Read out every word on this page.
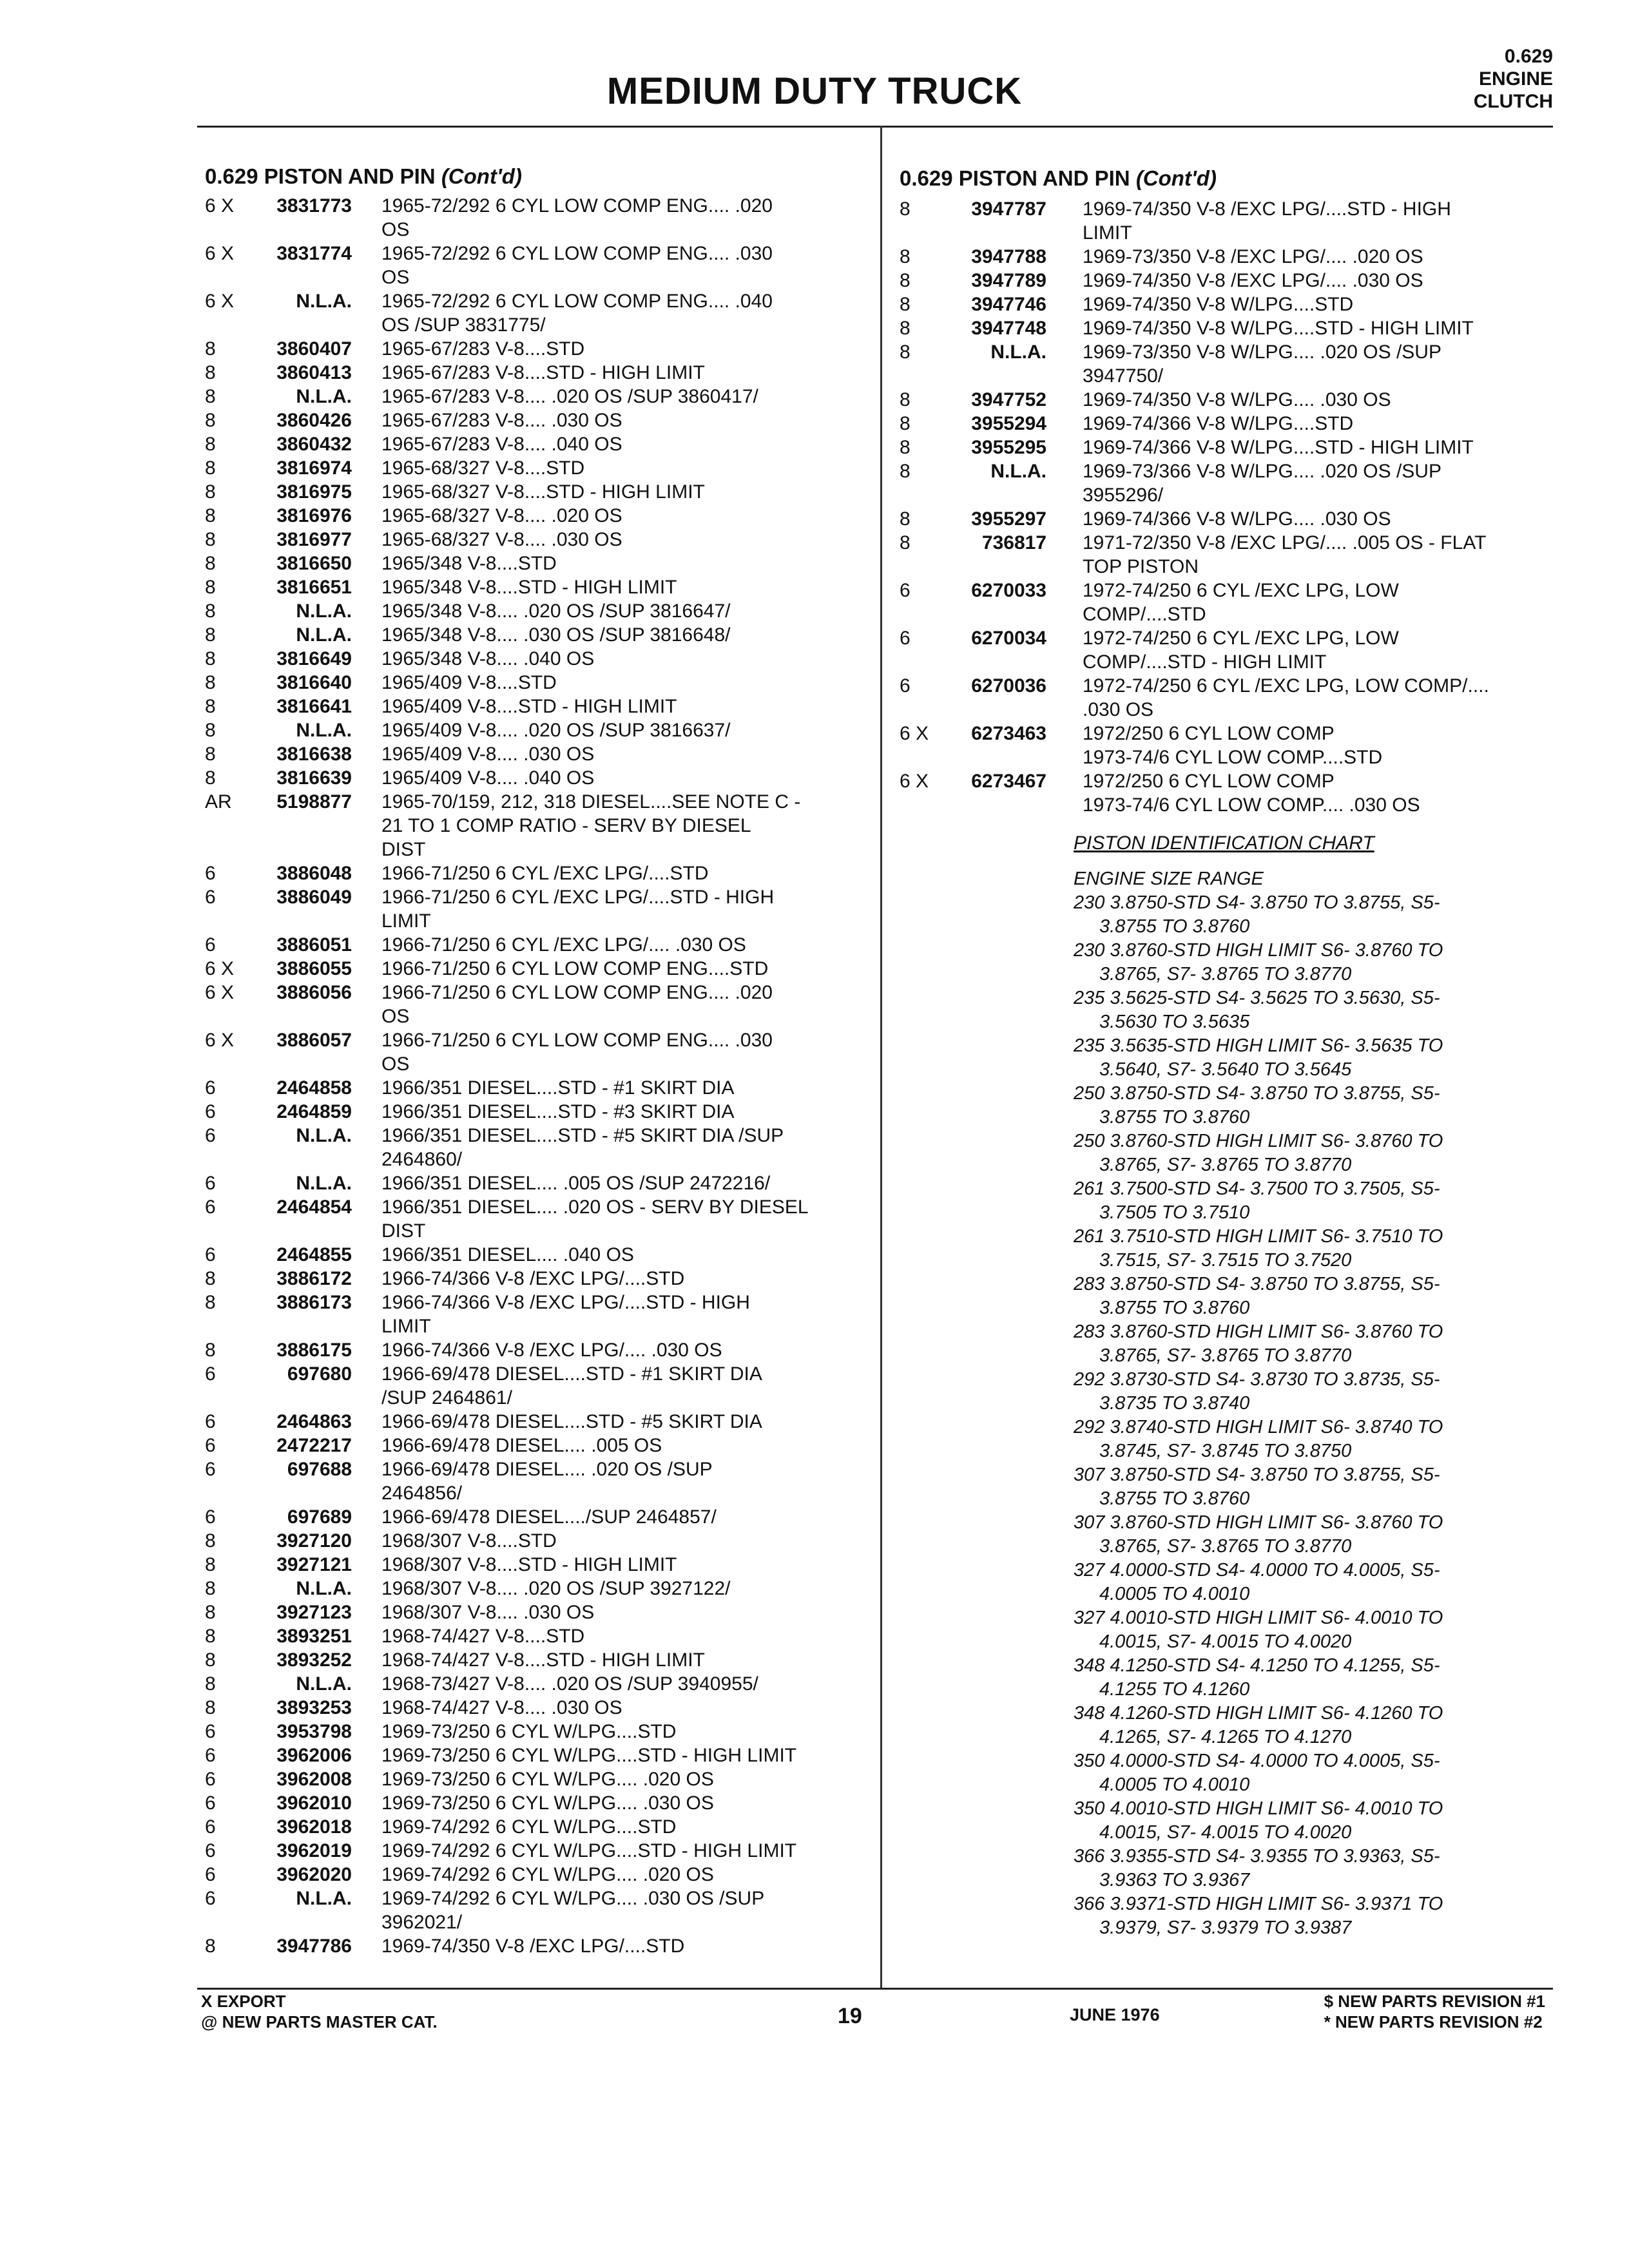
MEDIUM DUTY TRUCK
0.629
ENGINE
CLUTCH
0.629 PISTON AND PIN (Cont'd)
6 X	3831773	1965-72/292 6 CYL LOW COMP ENG.... .020
OS
6 X	3831774	1965-72/292 6 CYL LOW COMP ENG.... .030
OS
6 X	N.L.A.	1965-72/292 6 CYL LOW COMP ENG.... .040
OS /SUP 3831775/
8	3860407	1965-67/283 V-8....STD
8	3860413	1965-67/283 V-8....STD - HIGH LIMIT
8	N.L.A.	1965-67/283 V-8.... .020 OS /SUP 3860417/
8	3860426	1965-67/283 V-8.... .030 OS
8	3860432	1965-67/283 V-8.... .040 OS
8	3816974	1965-68/327 V-8....STD
8	3816975	1965-68/327 V-8....STD - HIGH LIMIT
8	3816976	1965-68/327 V-8.... .020 OS
8	3816977	1965-68/327 V-8.... .030 OS
8	3816650	1965/348 V-8....STD
8	3816651	1965/348 V-8....STD - HIGH LIMIT
8	N.L.A.	1965/348 V-8.... .020 OS /SUP 3816647/
8	N.L.A.	1965/348 V-8.... .030 OS /SUP 3816648/
8	3816649	1965/348 V-8.... .040 OS
8	3816640	1965/409 V-8....STD
8	3816641	1965/409 V-8....STD - HIGH LIMIT
8	N.L.A.	1965/409 V-8.... .020 OS /SUP 3816637/
8	3816638	1965/409 V-8.... .030 OS
8	3816639	1965/409 V-8.... .040 OS
AR	5198877	1965-70/159, 212, 318 DIESEL....SEE NOTE C -
21 TO 1 COMP RATIO - SERV BY DIESEL
DIST
6	3886048	1966-71/250 6 CYL /EXC LPG/....STD
6	3886049	1966-71/250 6 CYL /EXC LPG/....STD - HIGH
LIMIT
6	3886051	1966-71/250 6 CYL /EXC LPG/.... .030 OS
6 X	3886055	1966-71/250 6 CYL LOW COMP ENG....STD
6 X	3886056	1966-71/250 6 CYL LOW COMP ENG.... .020
OS
6 X	3886057	1966-71/250 6 CYL LOW COMP ENG.... .030
OS
6	2464858	1966/351 DIESEL....STD - #1 SKIRT DIA
6	2464859	1966/351 DIESEL....STD - #3 SKIRT DIA
6	N.L.A.	1966/351 DIESEL....STD - #5 SKIRT DIA /SUP
2464860/
6	N.L.A.	1966/351 DIESEL.... .005 OS /SUP 2472216/
6	2464854	1966/351 DIESEL.... .020 OS - SERV BY DIESEL
DIST
6	2464855	1966/351 DIESEL.... .040 OS
8	3886172	1966-74/366 V-8 /EXC LPG/....STD
8	3886173	1966-74/366 V-8 /EXC LPG/....STD - HIGH
LIMIT
8	3886175	1966-74/366 V-8 /EXC LPG/.... .030 OS
6	697680	1966-69/478 DIESEL....STD - #1 SKIRT DIA
/SUP 2464861/
6	2464863	1966-69/478 DIESEL....STD - #5 SKIRT DIA
6	2472217	1966-69/478 DIESEL.... .005 OS
6	697688	1966-69/478 DIESEL.... .020 OS /SUP
2464856/
6	697689	1966-69/478 DIESEL..../SUP 2464857/
8	3927120	1968/307 V-8....STD
8	3927121	1968/307 V-8....STD - HIGH LIMIT
8	N.L.A.	1968/307 V-8.... .020 OS /SUP 3927122/
8	3927123	1968/307 V-8.... .030 OS
8	3893251	1968-74/427 V-8....STD
8	3893252	1968-74/427 V-8....STD - HIGH LIMIT
8	N.L.A.	1968-73/427 V-8.... .020 OS /SUP 3940955/
8	3893253	1968-74/427 V-8.... .030 OS
6	3953798	1969-73/250 6 CYL W/LPG....STD
6	3962006	1969-73/250 6 CYL W/LPG....STD - HIGH LIMIT
6	3962008	1969-73/250 6 CYL W/LPG.... .020 OS
6	3962010	1969-73/250 6 CYL W/LPG.... .030 OS
6	3962018	1969-74/292 6 CYL W/LPG....STD
6	3962019	1969-74/292 6 CYL W/LPG....STD - HIGH LIMIT
6	3962020	1969-74/292 6 CYL W/LPG.... .020 OS
6	N.L.A.	1969-74/292 6 CYL W/LPG.... .030 OS /SUP
3962021/
8	3947786	1969-74/350 V-8 /EXC LPG/....STD
0.629 PISTON AND PIN (Cont'd)
8	3947787	1969-74/350 V-8 /EXC LPG/....STD - HIGH
LIMIT
8	3947788	1969-73/350 V-8 /EXC LPG/.... .020 OS
8	3947789	1969-74/350 V-8 /EXC LPG/.... .030 OS
8	3947746	1969-74/350 V-8 W/LPG....STD
8	3947748	1969-74/350 V-8 W/LPG....STD - HIGH LIMIT
8	N.L.A.	1969-73/350 V-8 W/LPG.... .020 OS /SUP
3947750/
8	3947752	1969-74/350 V-8 W/LPG.... .030 OS
8	3955294	1969-74/366 V-8 W/LPG....STD
8	3955295	1969-74/366 V-8 W/LPG....STD - HIGH LIMIT
8	N.L.A.	1969-73/366 V-8 W/LPG.... .020 OS /SUP
3955296/
8	3955297	1969-74/366 V-8 W/LPG.... .030 OS
8	736817	1971-72/350 V-8 /EXC LPG/.... .005 OS - FLAT
TOP PISTON
6	6270033	1972-74/250 6 CYL /EXC LPG, LOW
COMP/....STD
6	6270034	1972-74/250 6 CYL /EXC LPG, LOW
COMP/....STD - HIGH LIMIT
6	6270036	1972-74/250 6 CYL /EXC LPG, LOW COMP/....
.030 OS
6 X	6273463	1972/250 6 CYL LOW COMP
1973-74/6 CYL LOW COMP....STD
6 X	6273467	1972/250 6 CYL LOW COMP
1973-74/6 CYL LOW COMP.... .030 OS
PISTON IDENTIFICATION CHART
ENGINE SIZE RANGE
230 3.8750-STD S4- 3.8750 TO 3.8755, S5-
3.8755 TO 3.8760
230 3.8760-STD HIGH LIMIT S6- 3.8760 TO
3.8765, S7- 3.8765 TO 3.8770
235 3.5625-STD S4- 3.5625 TO 3.5630, S5-
3.5630 TO 3.5635
235 3.5635-STD HIGH LIMIT S6- 3.5635 TO
3.5640, S7- 3.5640 TO 3.5645
250 3.8750-STD S4- 3.8750 TO 3.8755, S5-
3.8755 TO 3.8760
250 3.8760-STD HIGH LIMIT S6- 3.8760 TO
3.8765, S7- 3.8765 TO 3.8770
261 3.7500-STD S4- 3.7500 TO 3.7505, S5-
3.7505 TO 3.7510
261 3.7510-STD HIGH LIMIT S6- 3.7510 TO
3.7515, S7- 3.7515 TO 3.7520
283 3.8750-STD S4- 3.8750 TO 3.8755, S5-
3.8755 TO 3.8760
283 3.8760-STD HIGH LIMIT S6- 3.8760 TO
3.8765, S7- 3.8765 TO 3.8770
292 3.8730-STD S4- 3.8730 TO 3.8735, S5-
3.8735 TO 3.8740
292 3.8740-STD HIGH LIMIT S6- 3.8740 TO
3.8745, S7- 3.8745 TO 3.8750
307 3.8750-STD S4- 3.8750 TO 3.8755, S5-
3.8755 TO 3.8760
307 3.8760-STD HIGH LIMIT S6- 3.8760 TO
3.8765, S7- 3.8765 TO 3.8770
327 4.0000-STD S4- 4.0000 TO 4.0005, S5-
4.0005 TO 4.0010
327 4.0010-STD HIGH LIMIT S6- 4.0010 TO
4.0015, S7- 4.0015 TO 4.0020
348 4.1250-STD S4- 4.1250 TO 4.1255, S5-
4.1255 TO 4.1260
348 4.1260-STD HIGH LIMIT S6- 4.1260 TO
4.1265, S7- 4.1265 TO 4.1270
350 4.0000-STD S4- 4.0000 TO 4.0005, S5-
4.0005 TO 4.0010
350 4.0010-STD HIGH LIMIT S6- 4.0010 TO
4.0015, S7- 4.0015 TO 4.0020
366 3.9355-STD S4- 3.9355 TO 3.9363, S5-
3.9363 TO 3.9367
366 3.9371-STD HIGH LIMIT S6- 3.9371 TO
3.9379, S7- 3.9379 TO 3.9387
X EXPORT
@ NEW PARTS MASTER CAT.	19	JUNE 1976
$ NEW PARTS REVISION #1
* NEW PARTS REVISION #2
